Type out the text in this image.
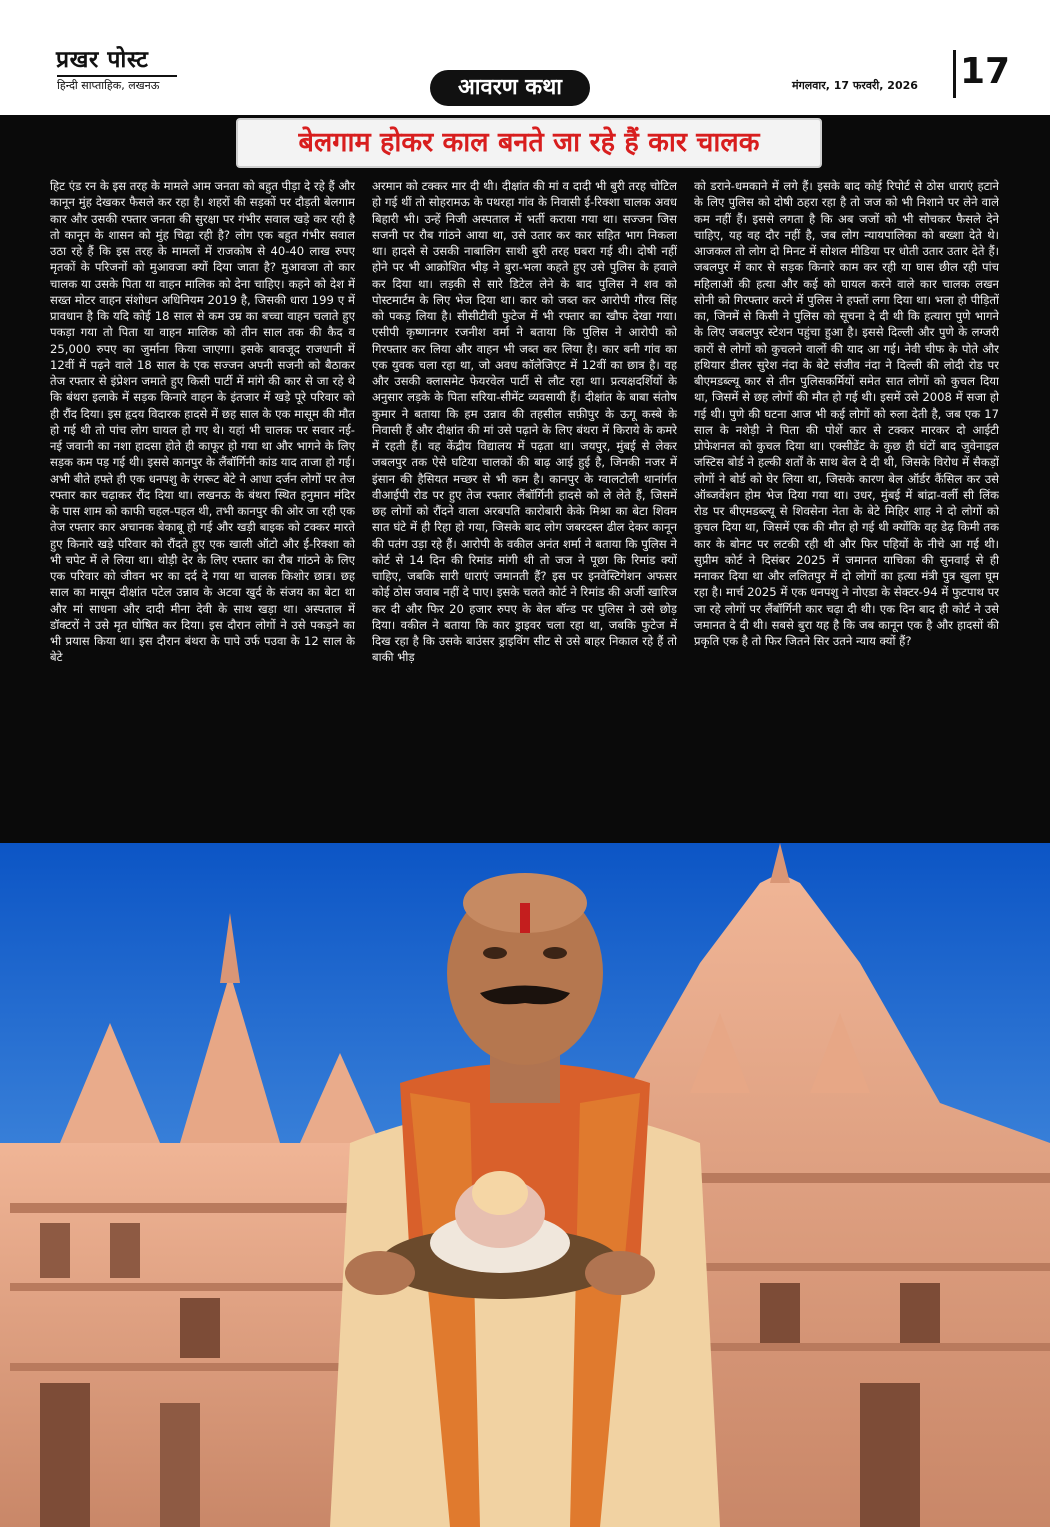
प्रखर पोस्ट
हिन्दी साप्ताहिक, लखनऊ	आवरण कथा	मंगलवार, 17 फरवरी, 2026 17
बेलगाम होकर काल बनते जा रहे हैं कार चालक

हिट एंड रन के इस तरह के मामले आम जनता को बहुत पीड़ा दे रहे हैं और कानून मुंह देखकर फैसले कर रहा है। शहरों की सड़कों पर दौड़ती बेलगाम कार और उसकी रफ्तार जनता की सुरक्षा पर गंभीर सवाल खड़े कर रही है तो कानून के शासन को मुंह चिढ़ा रही है? लोग एक बहुत गंभीर सवाल उठा रहे हैं कि इस तरह के मामलों में राजकोष से 40-40 लाख रुपए मृतकों के परिजनों को मुआवजा क्यों दिया जाता है? मुआवजा तो कार चालक या उसके पिता या वाहन मालिक को देना चाहिए। कहने को देश में सख्त मोटर वाहन संशोधन अधिनियम 2019 है, जिसकी धारा 199 ए में प्रावधान है कि यदि कोई 18 साल से कम उम्र का बच्चा वाहन चलाते हुए पकड़ा गया तो पिता या वाहन मालिक को तीन साल तक की कैद व 25,000 रुपए का जुर्माना किया जाएगा। इसके बावजूद राजधानी में 12वीं में पढ़ने वाले 18 साल के एक सज्जन अपनी सजनी को बैठाकर तेज रफ्तार से इंप्रेशन जमाते हुए किसी पार्टी में मांगे की कार से जा रहे थे कि बंथरा इलाके में सड़क किनारे वाहन के इंतजार में खड़े पूरे परिवार को ही रौंद दिया। इस हृदय विदारक हादसे में छह साल के एक मासूम की मौत हो गई थी तो पांच लोग घायल हो गए थे। यहां भी चालक पर सवार नई-नई जवानी का नशा हादसा होते ही काफूर हो गया था और भागने के लिए सड़क कम पड़ गई थी। इससे कानपुर के लैंबॉर्गिनी कांड याद ताजा हो गई। अभी बीते हफ्ते ही एक धनपशु के रंगरूट बेटे ने आधा दर्जन लोगों पर तेज रफ्तार कार चढ़ाकर रौंद दिया था। लखनऊ के बंथरा स्थित हनुमान मंदिर के पास शाम को काफी चहल-पहल थी, तभी कानपुर की ओर जा रही एक तेज रफ्तार कार अचानक बेकाबू हो गई और खड़ी बाइक को टक्कर मारते हुए किनारे खड़े परिवार को रौंदते हुए एक खाली ऑटो और ई-रिक्शा को भी चपेट में ले लिया था। थोड़ी देर के लिए रफ्तार का रौब गांठने के लिए एक परिवार को जीवन भर का दर्द दे गया था चालक किशोर छात्र। छह साल का मासूम दीक्षांत पटेल उन्नाव के अटवा खुर्द के संजय का बेटा था और मां साधना और दादी मीना देवी के साथ खड़ा था। अस्पताल में डॉक्टरों ने उसे मृत घोषित कर दिया। इस दौरान लोगों ने उसे पकड़ने का भी प्रयास किया था। इस दौरान बंथरा के पापे उर्फ पउवा के 12 साल के बेटे

अरमान को टक्कर मार दी थी। दीक्षांत की मां व दादी भी बुरी तरह चोटिल हो गई थीं तो सोहरामऊ के पथरहा गांव के निवासी ई-रिक्शा चालक अवध बिहारी भी। उन्हें निजी अस्पताल में भर्ती कराया गया था। सज्जन जिस सजनी पर रौब गांठने आया था, उसे उतार कर कार सहित भाग निकला था। हादसे से उसकी नाबालिग साथी बुरी तरह घबरा गई थी। दोषी नहीं होने पर भी आक्रोशित भीड़ ने बुरा-भला कहते हुए उसे पुलिस के हवाले कर दिया था। लड़की से सारे डिटेल लेने के बाद पुलिस ने शव को पोस्टमार्टम के लिए भेज दिया था। कार को जब्त कर आरोपी गौरव सिंह को पकड़ लिया है। सीसीटीवी फुटेज में भी रफ्तार का खौफ देखा गया। एसीपी कृष्णानगर रजनीश वर्मा ने बताया कि पुलिस ने आरोपी को गिरफ्तार कर लिया और वाहन भी जब्त कर लिया है। कार बनी गांव का एक युवक चला रहा था, जो अवध कॉलेजिएट में 12वीं का छात्र है। वह और उसकी क्लासमेट फेयरवेल पार्टी से लौट रहा था। प्रत्यक्षदर्शियों के अनुसार लड़के के पिता सरिया-सीमेंट व्यवसायी हैं। दीक्षांत के बाबा संतोष कुमार ने बताया कि हम उन्नाव की तहसील सफ़ीपुर के ऊगू कस्बे के निवासी हैं और दीक्षांत की मां उसे पढ़ाने के लिए बंथरा में किराये के कमरे में रहती हैं। वह केंद्रीय विद्यालय में पढ़ता था। जयपुर, मुंबई से लेकर जबलपुर तक ऐसे घटिया चालकों की बाढ़ आई हुई है, जिनकी नजर में इंसान की हैसियत मच्छर से भी कम है। कानपुर के ग्वालटोली थानांर्गत वीआईपी रोड पर हुए तेज रफ्तार लैंबॉर्गिनी हादसे को ले लेते हैं, जिसमें छह लोगों को रौंदने वाला अरबपति कारोबारी केके मिश्रा का बेटा शिवम सात घंटे में ही रिहा हो गया, जिसके बाद लोग जबरदस्त ढील देकर कानून की पतंग उड़ा रहे हैं। आरोपी के वकील अनंत शर्मा ने बताया कि पुलिस ने कोर्ट से 14 दिन की रिमांड मांगी थी तो जज ने पूछा कि रिमांड क्यों चाहिए, जबकि सारी धाराएं जमानती हैं? इस पर इनवेस्टिगेशन अफसर कोई ठोस जवाब नहीं दे पाए। इसके चलते कोर्ट ने रिमांड की अर्जी खारिज कर दी और फिर 20 हजार रुपए के बेल बॉन्ड पर पुलिस ने उसे छोड़ दिया। वकील ने बताया कि कार ड्राइवर चला रहा था, जबकि फुटेज में दिख रहा है कि उसके बाउंसर ड्राइविंग सीट से उसे बाहर निकाल रहे हैं तो बाकी भीड़

को डराने-धमकाने में लगे हैं। इसके बाद कोई रिपोर्ट से ठोस धाराएं हटाने के लिए पुलिस को दोषी ठहरा रहा है तो जज को भी निशाने पर लेने वाले कम नहीं हैं। इससे लगता है कि अब जजों को भी सोचकर फैसले देने चाहिए, यह वह दौर नहीं है, जब लोग न्यायपालिका को बख्शा देते थे। आजकल तो लोग दो मिनट में सोशल मीडिया पर धोती उतार उतार देते हैं। जबलपुर में कार से सड़क किनारे काम कर रही या घास छील रही पांच महिलाओं की हत्या और कई को घायल करने वाले कार चालक लखन सोनी को गिरफ्तार करने में पुलिस ने हफ्तों लगा दिया था। भला हो पीड़ितों का, जिनमें से किसी ने पुलिस को सूचना दे दी थी कि हत्यारा पुणे भागने के लिए जबलपुर स्टेशन पहुंचा हुआ है। इससे दिल्ली और पुणे के लग्जरी कारों से लोगों को कुचलने वालों की याद आ गई। नेवी चीफ के पोते और हथियार डीलर सुरेश नंदा के बेटे संजीव नंदा ने दिल्ली की लोदी रोड पर बीएमडब्ल्यू कार से तीन पुलिसकर्मियों समेत सात लोगों को कुचल दिया था, जिसमें से छह लोगों की मौत हो गई थी। इसमें उसे 2008 में सजा हो गई थी। पुणे की घटना आज भी कई लोगों को रुला देती है, जब एक 17 साल के नशेड़ी ने पिता की पोर्शे कार से टक्कर मारकर दो आईटी प्रोफेशनल को कुचल दिया था। एक्सीडेंट के कुछ ही घंटों बाद जुवेनाइल जस्टिस बोर्ड ने हल्की शर्तों के साथ बेल दे दी थी, जिसके विरोध में सैकड़ों लोगों ने बोर्ड को घेर लिया था, जिसके कारण बेल ऑर्डर कैंसिल कर उसे ऑब्जर्वेशन होम भेज दिया गया था। उधर, मुंबई में बांद्रा-वर्ली सी लिंक रोड पर बीएमडब्ल्यू से शिवसेना नेता के बेटे मिहिर शाह ने दो लोगों को कुचल दिया था, जिसमें एक की मौत हो गई थी क्योंकि वह डेढ़ किमी तक कार के बोनट पर लटकी रही थी और फिर पहियों के नीचे आ गई थी। सुप्रीम कोर्ट ने दिसंबर 2025 में जमानत याचिका की सुनवाई से ही मनाकर दिया था और ललितपुर में दो लोगों का हत्या मंत्री पुत्र खुला घूम रहा है। मार्च 2025 में एक धनपशु ने नोएडा के सेक्टर-94 में फुटपाथ पर जा रहे लोगों पर लैंबॉर्गिनी कार चढ़ा दी थी। एक दिन बाद ही कोर्ट ने उसे जमानत दे दी थी। सबसे बुरा यह है कि जब कानून एक है और हादसों की प्रकृति एक है तो फिर जितने सिर उतने न्याय क्यों हैं?
